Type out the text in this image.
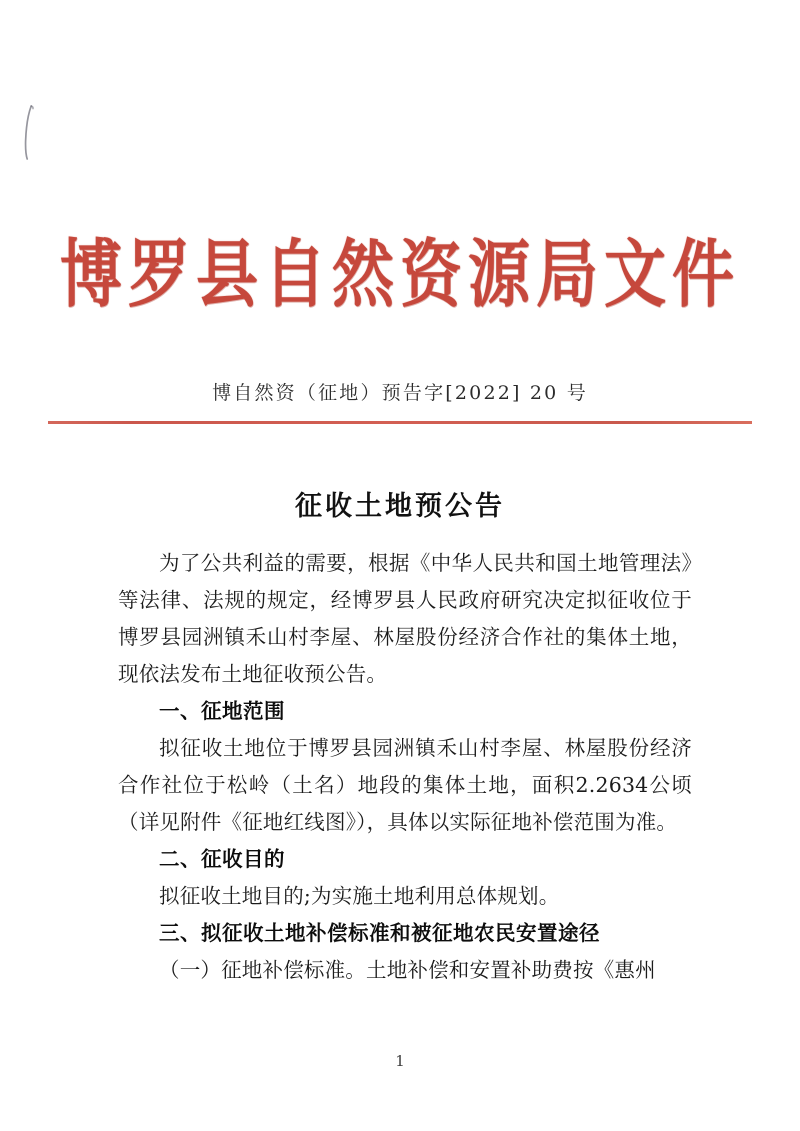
博罗县自然资源局文件
博自然资（征地）预告字[2022] 20 号
征收土地预公告

为了公共利益的需要，根据《中华人民共和国土地管理法》等法律、法规的规定，经博罗县人民政府研究决定拟征收位于博罗县园洲镇禾山村李屋、林屋股份经济合作社的集体土地，现依法发布土地征收预公告。

一、征地范围

拟征收土地位于博罗县园洲镇禾山村李屋、林屋股份经济合作社位于松岭（土名）地段的集体土地，面积2.2634公顷（详见附件《征地红线图》），具体以实际征地补偿范围为准。

二、征收目的

拟征收土地目的;为实施土地利用总体规划。

三、拟征收土地补偿标准和被征地农民安置途径

（一）征地补偿标准。土地补偿和安置补助费按《惠州

1
